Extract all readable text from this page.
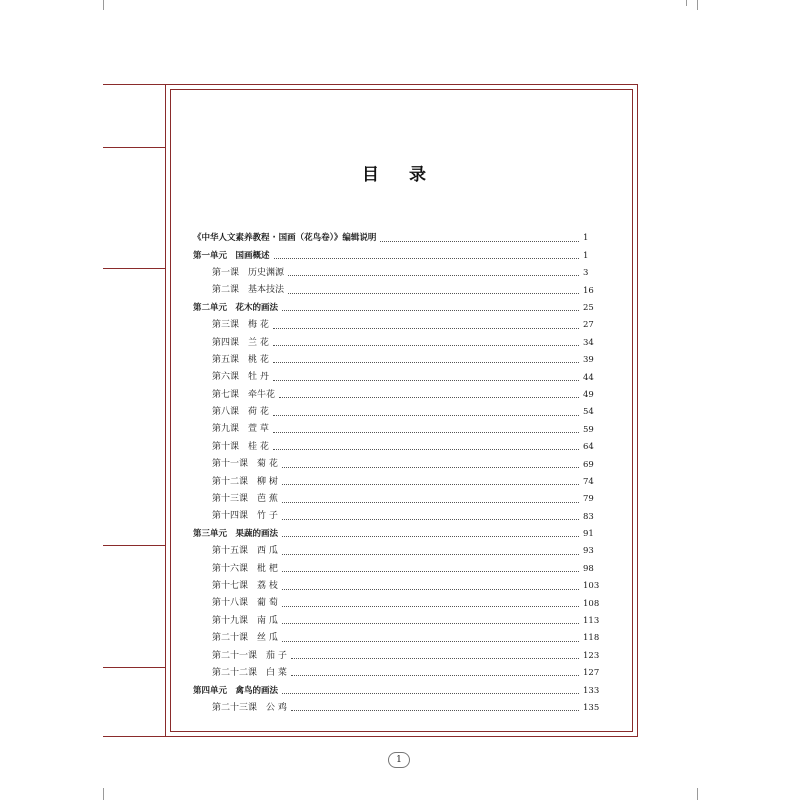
目 录
《中华人文素养教程 · 国画（花鸟卷）》编辑说明	1
第一单元　国画概述	1
第一课　历史渊源	3
第二课　基本技法	16
第二单元　花木的画法	25
第三课　梅 花	27
第四课　兰 花	34
第五课　桃 花	39
第六课　牡 丹	44
第七课　牵牛花	49
第八课　荷 花	54
第九课　萱 草	59
第十课　桂 花	64
第十一课　菊 花	69
第十二课　柳 树	74
第十三课　芭 蕉	79
第十四课　竹 子	83
第三单元　果蔬的画法	91
第十五课　西 瓜	93
第十六课　枇 杷	98
第十七课　荔 枝	103
第十八课　葡 萄	108
第十九课　南 瓜	113
第二十课　丝 瓜	118
第二十一课　茄 子	123
第二十二课　白 菜	127
第四单元　禽鸟的画法	133
第二十三课　公 鸡	135
1
